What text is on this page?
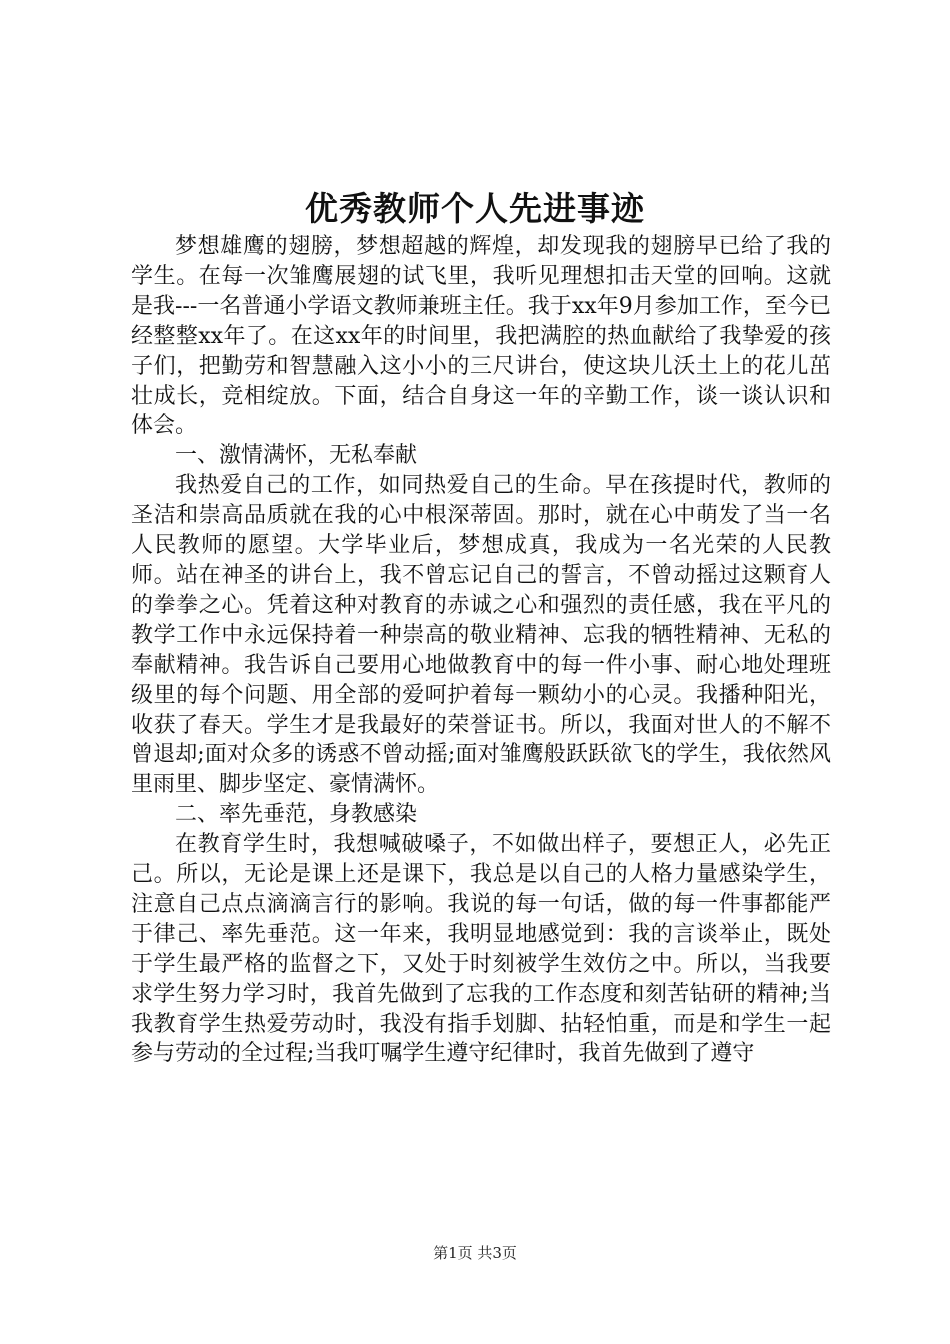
优秀教师个人先进事迹

梦想雄鹰的翅膀，梦想超越的辉煌，却发现我的翅膀早已给了我的学生。在每一次雏鹰展翅的试飞里，我听见理想扣击天堂的回响。这就是我---一名普通小学语文教师兼班主任。我于xx年9月参加工作，至今已经整整xx年了。在这xx年的时间里，我把满腔的热血献给了我挚爱的孩子们，把勤劳和智慧融入这小小的三尺讲台，使这块儿沃土上的花儿茁壮成长，竞相绽放。下面，结合自身这一年的辛勤工作，谈一谈认识和体会。

一、激情满怀，无私奉献

我热爱自己的工作，如同热爱自己的生命。早在孩提时代，教师的圣洁和崇高品质就在我的心中根深蒂固。那时，就在心中萌发了当一名人民教师的愿望。大学毕业后，梦想成真，我成为一名光荣的人民教师。站在神圣的讲台上，我不曾忘记自己的誓言，不曾动摇过这颗育人的拳拳之心。凭着这种对教育的赤诚之心和强烈的责任感，我在平凡的教学工作中永远保持着一种崇高的敬业精神、忘我的牺牲精神、无私的奉献精神。我告诉自己要用心地做教育中的每一件小事、耐心地处理班级里的每个问题、用全部的爱呵护着每一颗幼小的心灵。我播种阳光，收获了春天。学生才是我最好的荣誉证书。所以，我面对世人的不解不曾退却;面对众多的诱惑不曾动摇;面对雏鹰般跃跃欲飞的学生，我依然风里雨里、脚步坚定、豪情满怀。

二、率先垂范，身教感染

在教育学生时，我想喊破嗓子，不如做出样子，要想正人，必先正己。所以，无论是课上还是课下，我总是以自己的人格力量感染学生，注意自己点点滴滴言行的影响。我说的每一句话，做的每一件事都能严于律己、率先垂范。这一年来，我明显地感觉到：我的言谈举止，既处于学生最严格的监督之下，又处于时刻被学生效仿之中。所以，当我要求学生努力学习时，我首先做到了忘我的工作态度和刻苦钻研的精神;当我教育学生热爱劳动时，我没有指手划脚、拈轻怕重，而是和学生一起参与劳动的全过程;当我叮嘱学生遵守纪律时，我首先做到了遵守

第1页 共3页
